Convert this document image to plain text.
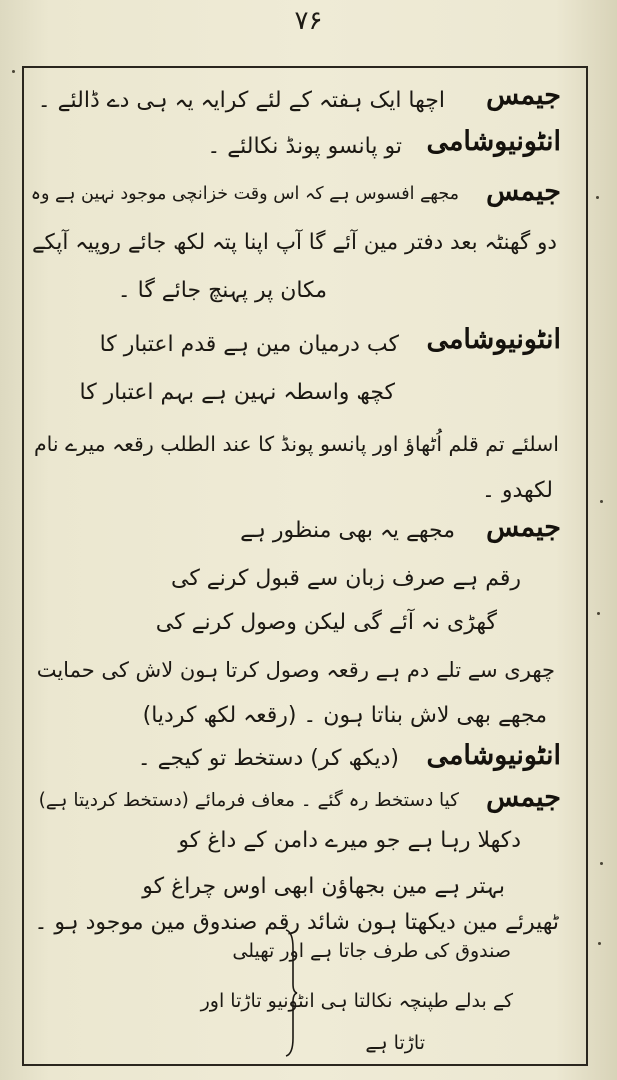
۷۶
جیمس
اچھا ایک ہفتہ کے لئے کرایہ یہ ہی دے ڈالئے ۔
انٹونیوشامی
تو پانسو پونڈ نکالئے ۔
جیمس
مجھے افسوس ہے کہ اس وقت خزانچی موجود نہین ہے وہ
دو گھنٹہ بعد دفتر مین آئے گا آپ اپنا پتہ لکھ جائے روپیہ آپکے
مکان پر پہنچ جائے گا ۔
انٹونیوشامی
کب درمیان مین ہے قدم اعتبار کا
کچھ واسطہ نہین ہے بہم اعتبار کا
اسلئے تم قلم اُٹھاؤ اور پانسو پونڈ کا عند الطلب رقعہ میرے نام
لکھدو ۔
جیمس
مجھے یہ بھی منظور ہے
رقم ہے صرف زبان سے قبول کرنے کی
گھڑی نہ آئے گی لیکن وصول کرنے کی
چھری سے تلے دم ہے رقعہ وصول کرتا ہون لاش کی حمایت
مجھے بھی لاش بناتا ہون ۔ (رقعہ لکھ کردیا)
انٹونیوشامی
(دیکھ کر) دستخط تو کیجے ۔
جیمس
کیا دستخط رہ گئے ۔ معاف فرمائے (دستخط کردیتا ہے)
دکھلا رہا ہے جو میرے دامن کے داغ کو
بہتر ہے مین بجھاؤن ابھی اوس چراغ کو
ٹھیرئے مین دیکھتا ہون شائد رقم صندوق مین موجود ہو ۔
صندوق کی طرف جاتا ہے اور تھیلی
کے بدلے طپنچہ نکالتا ہی انٹونیو تاڑتا اور
تاڑتا ہے
